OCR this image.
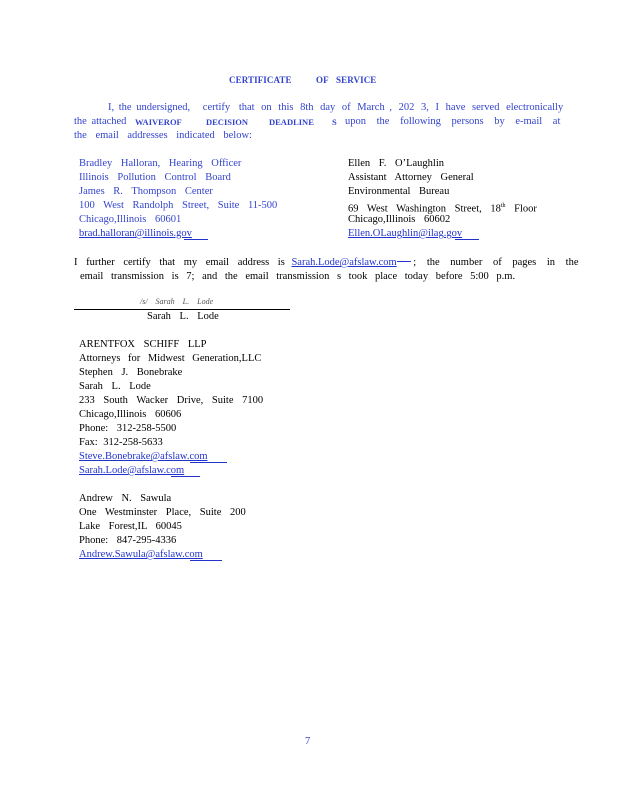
CERTIFICATE	OF SERVICE
I, the undersigned, certify that on this 8th day of March , 202 3, I have served electronically
the attached WAIVEROF	DECISION DEADLINE S upon the following persons by e-mail at
the email addresses indicated below:
Bradley Halloran, Hearing Officer
Illinois Pollution Control Board
James R. Thompson Center
100 West Randolph Street, Suite 11-500
Chicago,Illinois 60601
brad.halloran@illinois.gov
Ellen F. O’Laughlin
Assistant Attorney General
Environmental Bureau
69 West Washington Street, 18th Floor
Chicago,Illinois 60602
Ellen.OLaughlin@ilag.gov
I further certify that my email address is Sarah.Lode@afslaw.com ; the number of pages in the
email transmission is 7; and the email transmission s took place today before 5:00 p.m.
/s/ Sarah L. Lode
Sarah L. Lode
ARENTFOX SCHIFF LLP
Attorneys for Midwest Generation,LLC
Stephen J. Bonebrake
Sarah L. Lode
233 South Wacker Drive, Suite 7100
Chicago,Illinois 60606
Phone: 312-258-5500
Fax: 312-258-5633
Steve.Bonebrake@afslaw.com
Sarah.Lode@afslaw.com
Andrew N. Sawula
One Westminster Place, Suite 200
Lake Forest,IL 60045
Phone: 847-295-4336
Andrew.Sawula@afslaw.com
7
